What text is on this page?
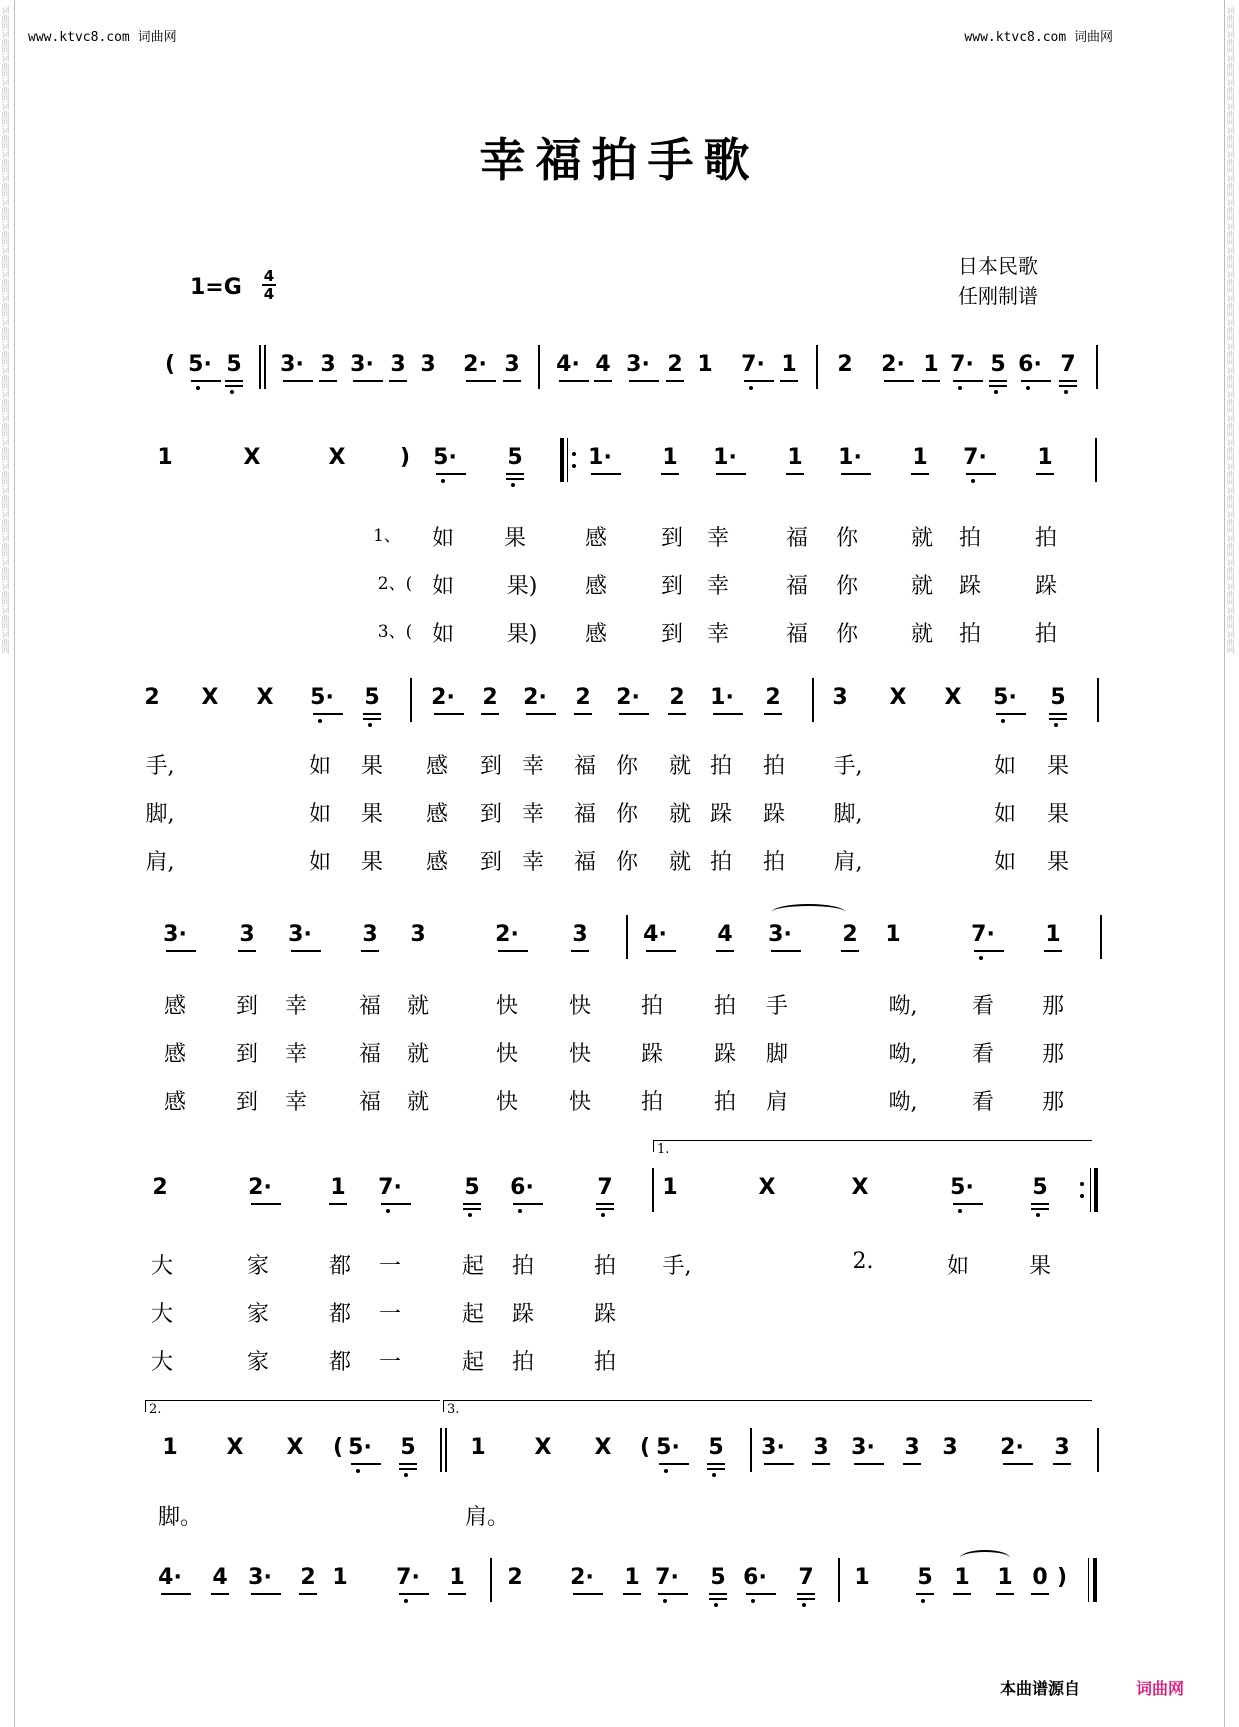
词曲网词曲网词曲网词曲网词曲网词曲网词曲网词曲网词曲网词曲网词曲网词曲网词曲网词曲网词曲网词曲网词曲网词曲网词曲网词曲网词曲网词曲网词曲网词曲网词曲网词曲网词曲网	词曲网词曲网词曲网词曲网词曲网词曲网词曲网词曲网词曲网词曲网词曲网词曲网词曲网词曲网词曲网词曲网词曲网词曲网词曲网词曲网词曲网词曲网词曲网词曲网词曲网词曲网词曲网
www.ktvc8.com 词曲网	www.ktvc8.com 词曲网
幸福拍手歌
日本民歌
任刚制谱
1=G 4
4
( 5· 5 3· 3 3· 3 3 2· 3 4· 4 3· 2 1 7· 1 2 2· 1 7· 5 6· 7
1	X	X ) 5· 5	1· 1 1· 1 1· 1 7· 1
2 X X 5· 5 2· 2 2· 2 2· 2 1· 2 3 X X 5· 5
3· 3 3· 3 3	2· 3	4· 4 3· 2 1	7· 1
2	2·	1 7·	5 6·	7 1	X	X	5·	5
1 X X ( 5· 5 1 X X ( 5· 5 3· 3 3· 3 3 2· 3
4· 4 3· 2 1 7· 1 2 2· 1 7· 5 6· 7 1 5 1 1 0 )
1、 如 果	感 到 幸	福 你 就 拍 拍
2、( 如 果) 感 到 幸	福 你 就 跺 跺
3、( 如 果) 感 到 幸	福 你 就 拍 拍
手,	如 果 感 到 幸 福 你 就 拍 拍 手,	如 果
脚,	如 果 感 到 幸 福 你 就 跺 跺 脚,	如 果
肩,	如 果 感 到 幸 福 你 就 拍 拍 肩,	如 果
感 到 幸 福 就	快 快 拍 拍 手	呦, 看 那
感 到 幸 福 就	快 快 跺 跺 脚	呦, 看 那
感 到 幸 福 就	快 快 拍 拍 肩	呦, 看 那
大	家	都 一	起 拍	拍 手,	2.	如	果
大	家	都 一	起 跺	跺
大	家	都 一	起 拍	拍
脚。	肩。
1.
2.	3.
本曲谱源自	词曲网
